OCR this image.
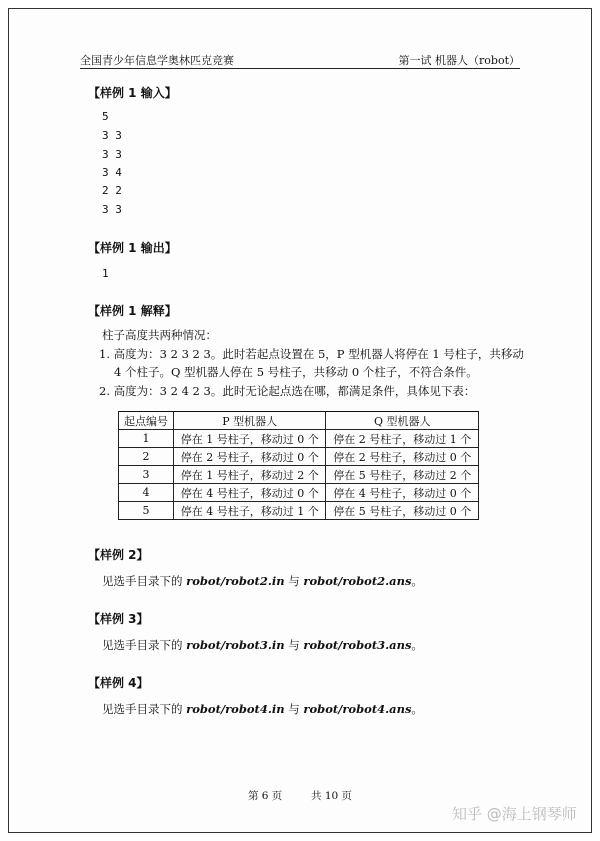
全国青少年信息学奥林匹克竞赛	第一试 机器人（robot）
【样例 1 输入】
5
3 3
3 3
3 4
2 2
3 3
【样例 1 输出】
1
【样例 1 解释】
柱子高度共两种情况：
1. 高度为：3 2 3 2 3。此时若起点设置在 5，P 型机器人将停在 1 号柱子，共移动
4 个柱子。Q 型机器人停在 5 号柱子，共移动 0 个柱子，不符合条件。
2. 高度为：3 2 4 2 3。此时无论起点选在哪，都满足条件，具体见下表：
起点编号	P 型机器人	Q 型机器人
1	停在 1 号柱子，移动过 0 个	停在 2 号柱子，移动过 1 个
2	停在 2 号柱子，移动过 0 个	停在 2 号柱子，移动过 0 个
3	停在 1 号柱子，移动过 2 个	停在 5 号柱子，移动过 2 个
4	停在 4 号柱子，移动过 0 个	停在 4 号柱子，移动过 0 个
5	停在 4 号柱子，移动过 1 个	停在 5 号柱子，移动过 0 个
【样例 2】
见选手目录下的 robot/robot2.in 与 robot/robot2.ans。
【样例 3】
见选手目录下的 robot/robot3.in 与 robot/robot3.ans。
【样例 4】
见选手目录下的 robot/robot4.in 与 robot/robot4.ans。
第 6 页	共 10 页
知乎 @海上钢琴师
